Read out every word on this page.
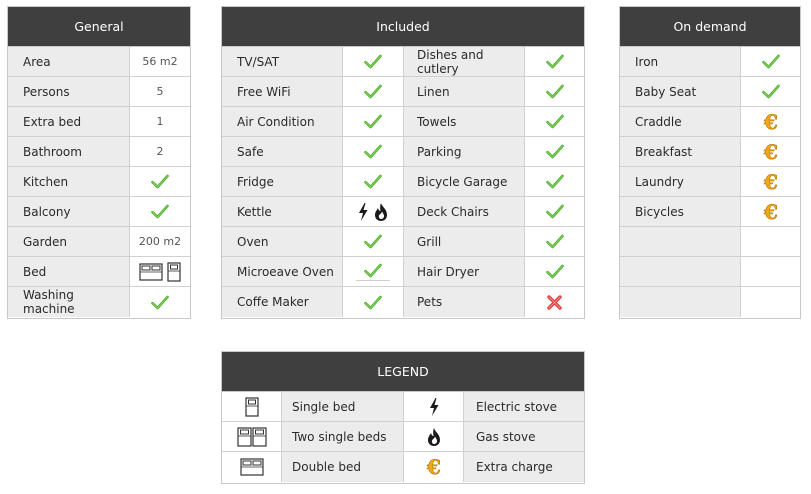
General
Area	56 m2
Persons	5
Extra bed	1
Bathroom	2
Kitchen
Balcony
Garden	200 m2
Bed
Washing machine
Included
TV/SAT	Dishes and cutlery
Free WiFi	Linen
Air Condition	Towels
Safe	Parking
Fridge	Bicycle Garage
Kettle	Deck Chairs
Oven	Grill
Microeave Oven	Hair Dryer
Coffe Maker	Pets
On demand
Iron
Baby Seat
Craddle	€
Breakfast	€
Laundry	€
Bicycles	€
LEGEND
Single bed	Electric stove
Two single beds	Gas stove
Double bed	€	Extra charge
